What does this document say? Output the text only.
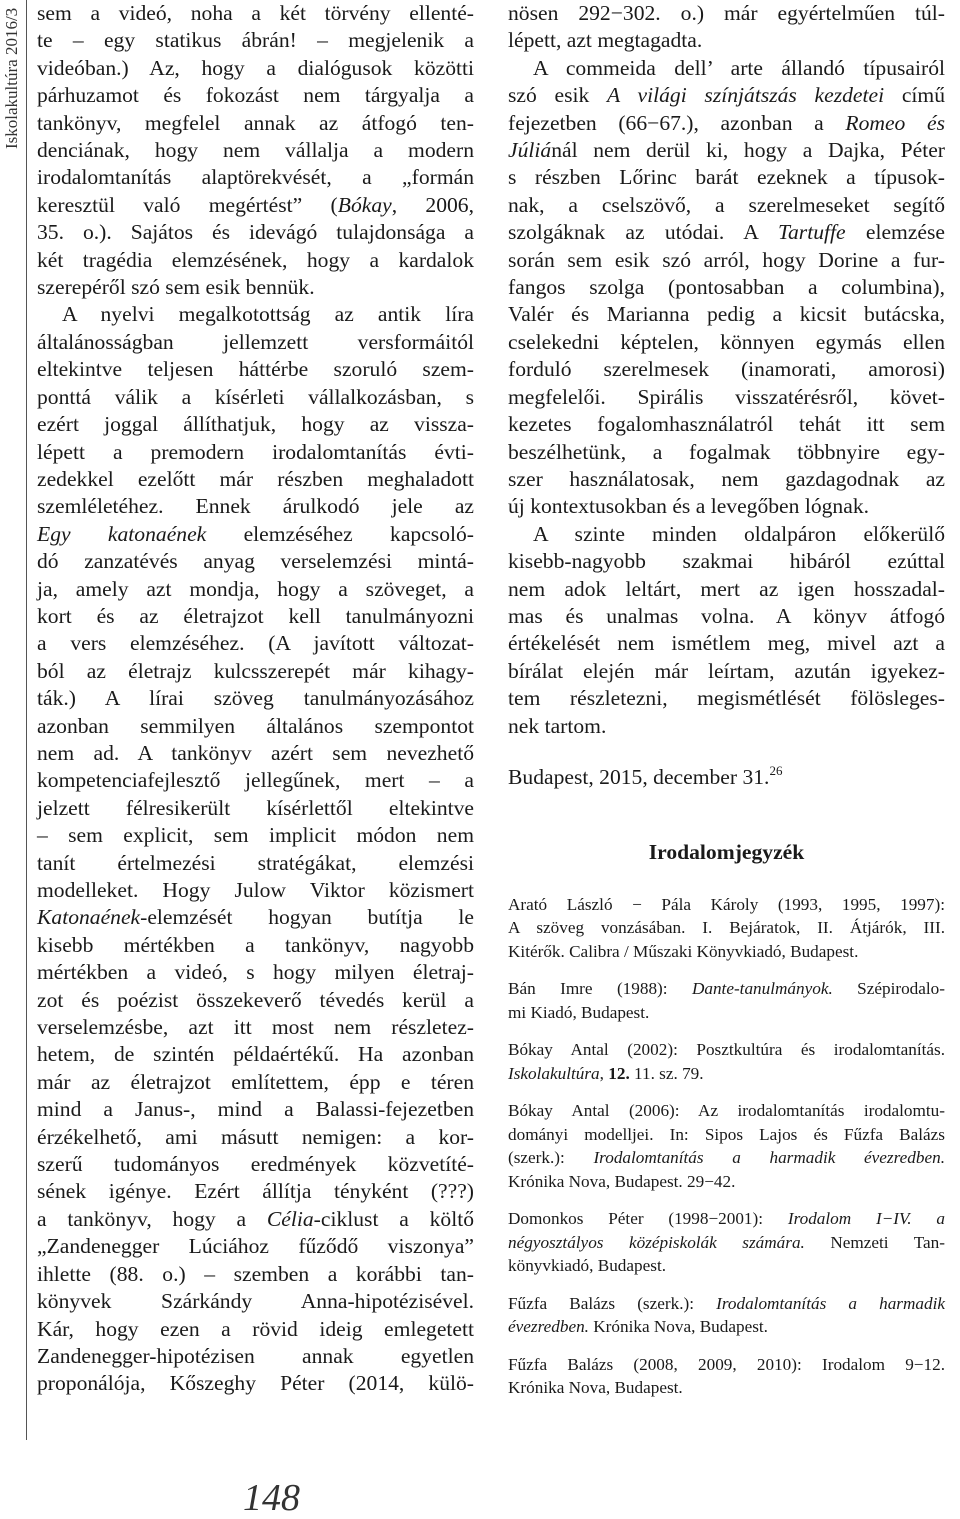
Iskolakultúra 2016/3 sem a videó, noha a két törvény ellenté-
te – egy statikus ábrán! – megjelenik a
videóban.) Az, hogy a dialógusok közötti
párhuzamot és fokozást nem tárgyalja a
tankönyv, megfelel annak az átfogó ten-
denciának, hogy nem vállalja a modern
irodalomtanítás alaptörekvését, a „formán
keresztül való megértést” (Bókay, 2006,
35. o.). Sajátos és idevágó tulajdonsága a
két tragédia elemzésének, hogy a kardalok
szerepéről szó sem esik bennük.

A nyelvi megalkotottság az antik líra
általánosságban jellemzett versformáitól
eltekintve teljesen háttérbe szoruló szem-
ponttá válik a kísérleti vállalkozásban, s
ezért joggal állíthatjuk, hogy az vissza-
lépett a premodern irodalomtanítás évti-
zedekkel ezelőtt már részben meghaladott
szemléletéhez. Ennek árulkodó jele az
Egy katonaének elemzéséhez kapcsoló-
dó zanzatévés anyag verselemzési mintá-
ja, amely azt mondja, hogy a szöveget, a
kort és az életrajzot kell tanulmányozni
a vers elemzéséhez. (A javított változat-
ból az életrajz kulcsszerepét már kihagy-
ták.) A lírai szöveg tanulmányozásához
azonban semmilyen általános szempontot
nem ad. A tankönyv azért sem nevezhető
kompetenciafejlesztő jellegűnek, mert – a
jelzett félresikerült kísérlettől eltekintve
– sem explicit, sem implicit módon nem
tanít értelmezési stratégákat, elemzési
modelleket. Hogy Julow Viktor közismert
Katonaének-elemzését hogyan butítja le
kisebb mértékben a tankönyv, nagyobb
mértékben a videó, s hogy milyen életraj-
zot és poézist összekeverő tévedés kerül a
verselemzésbe, azt itt most nem részletez-
hetem, de szintén példaértékű. Ha azonban
már az életrajzot említettem, épp e téren
mind a Janus-, mind a Balassi-fejezetben
érzékelhető, ami másutt nemigen: a kor-
szerű tudományos eredmények közvetíté-
sének igénye. Ezért állítja tényként (???)
a tankönyv, hogy a Célia-ciklust a költő
„Zandenegger Lúciához fűződő viszonya”
ihlette (88. o.) – szemben a korábbi tan-
könyvek Szárkándy Anna-hipotézisével.
Kár, hogy ezen a rövid ideig emlegetett
Zandenegger-hipotézisen annak egyetlen
proponálója, Kőszeghy Péter (2014, külö-

nösen 292−302. o.) már egyértelműen túl-
lépett, azt megtagadta.

A commeida dell’ arte állandó típusairól
szó esik A világi színjátszás kezdetei című
fejezetben (66−67.), azonban a Romeo és
Júliánál nem derül ki, hogy a Dajka, Péter
s részben Lőrinc barát ezeknek a típusok-
nak, a cselszövő, a szerelmeseket segítő
szolgáknak az utódai. A Tartuffe elemzése
során sem esik szó arról, hogy Dorine a fur-
fangos szolga (pontosabban a columbina),
Valér és Marianna pedig a kicsit butácska,
cselekedni képtelen, könnyen egymás ellen
forduló szerelmesek (inamorati, amorosi)
megfelelői. Spirális visszatérésről, követ-
kezetes fogalomhasználatról tehát itt sem
beszélhetünk, a fogalmak többnyire egy-
szer használatosak, nem gazdagodnak az
új kontextusokban és a levegőben lógnak.

A szinte minden oldalpáron előkerülő
kisebb-nagyobb szakmai hibáról ezúttal
nem adok leltárt, mert az igen hosszadal-
mas és unalmas volna. A könyv átfogó
értékelését nem ismétlem meg, mivel azt a
bírálat elején már leírtam, azután igyekez-
tem részletezni, megismétlését fölösleges-
nek tartom.

Budapest, 2015, december 31.26

Irodalomjegyzék

Arató László − Pála Károly (1993, 1995, 1997):
A szöveg vonzásában. I. Bejáratok, II. Átjárók, III.
Kitérők. Calibra / Műszaki Könyvkiadó, Budapest.

Bán Imre (1988): Dante-tanulmányok. Szépirodalo-
mi Kiadó, Budapest.

Bókay Antal (2002): Posztkultúra és irodalomtanítás.
Iskolakultúra, 12. 11. sz. 79.

Bókay Antal (2006): Az irodalomtanítás irodalomtu-
dományi modelljei. In: Sipos Lajos és Fűzfa Balázs
(szerk.): Irodalomtanítás a harmadik évezredben.
Krónika Nova, Budapest. 29−42.

Domonkos Péter (1998−2001): Irodalom I−IV. a
négyosztályos középiskolák számára. Nemzeti Tan-
könyvkiadó, Budapest.

Fűzfa Balázs (szerk.): Irodalomtanítás a harmadik
évezredben. Krónika Nova, Budapest.

Fűzfa Balázs (2008, 2009, 2010): Irodalom 9−12.
Krónika Nova, Budapest.

148
